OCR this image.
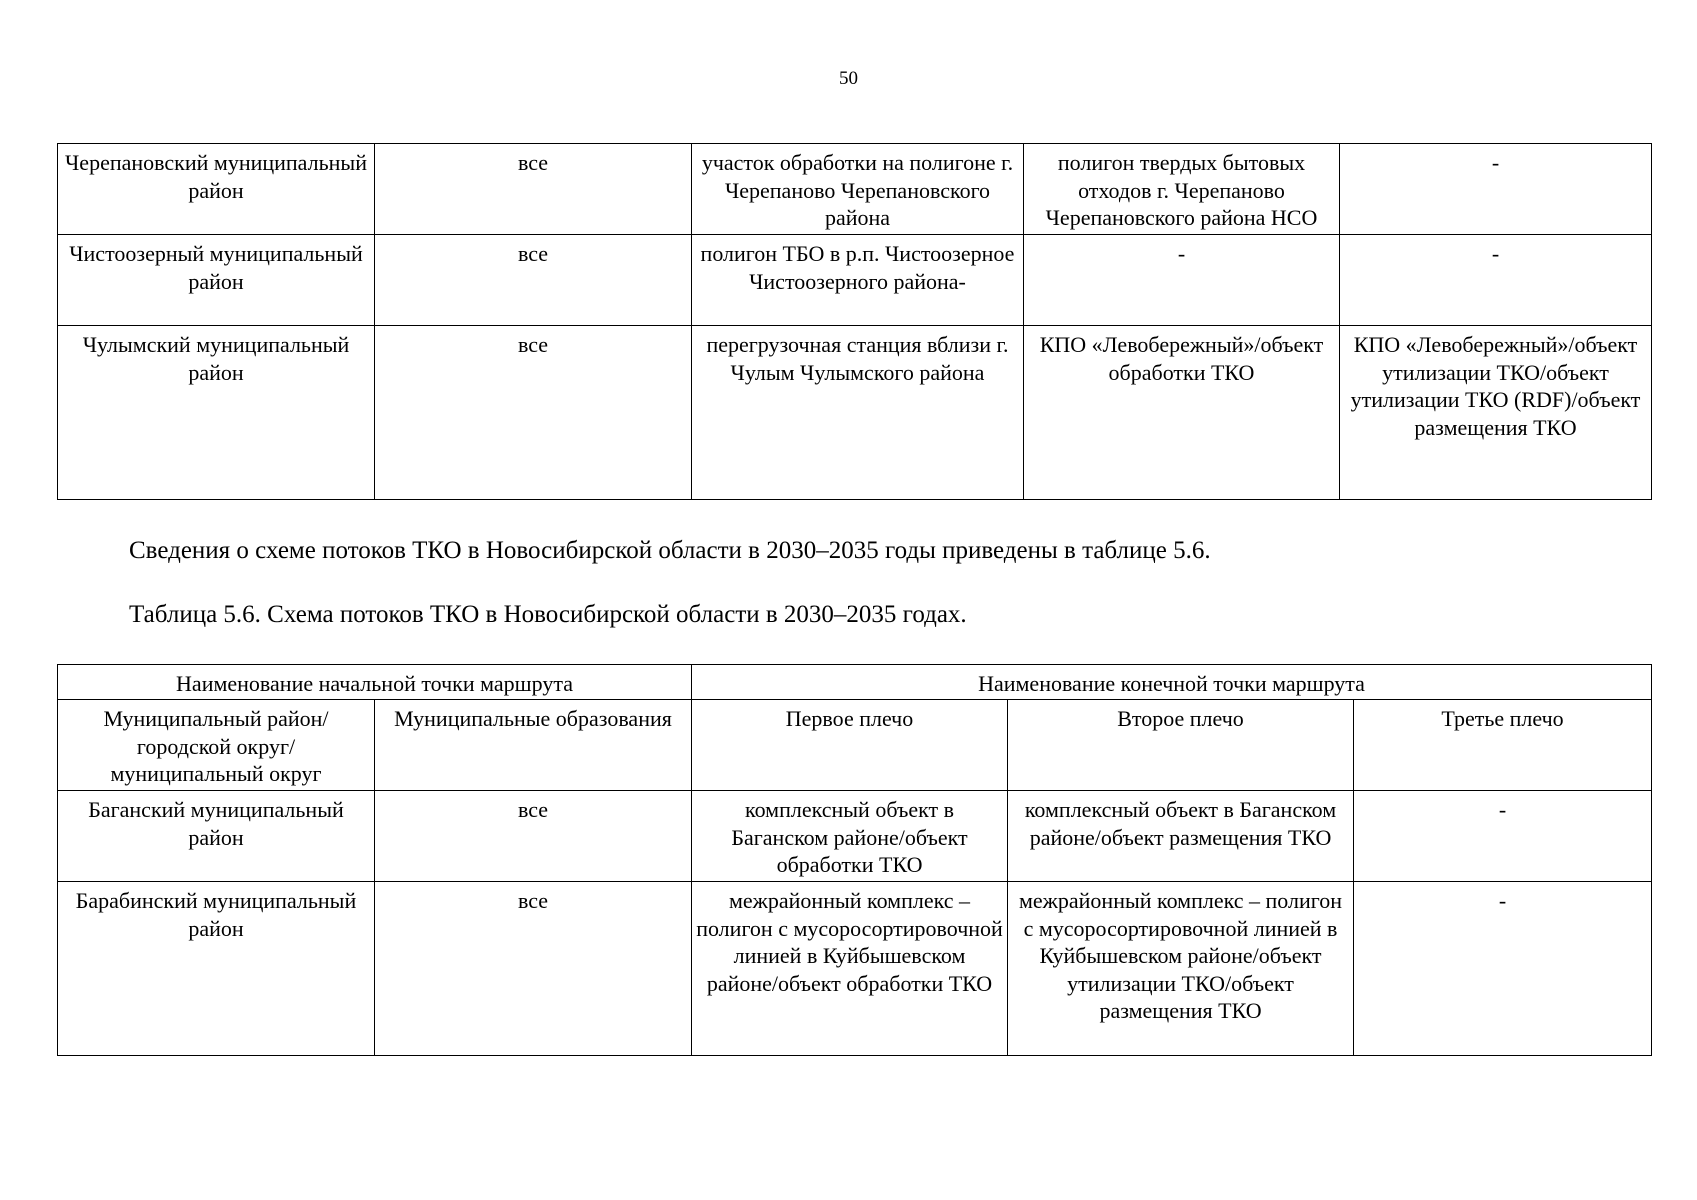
50
Черепановский муниципальный район	все	участок обработки на полигоне г. Черепаново Черепановского района	полигон твердых бытовых отходов г. Черепаново Черепановского района НСО	-
Чистоозерный муниципальный район	все	полигон ТБО в р.п. Чистоозерное Чистоозерного района-	-	-
Чулымский муниципальный район	все	перегрузочная станция вблизи г. Чулым Чулымского района	КПО «Левобережный»/объект обработки ТКО	КПО «Левобережный»/объект утилизации ТКО/объект утилизации ТКО (RDF)/объект размещения ТКО
Сведения о схеме потоков ТКО в Новосибирской области в 2030–2035 годы приведены в таблице 5.6.
Таблица 5.6. Схема потоков ТКО в Новосибирской области в 2030–2035 годах.
Наименование начальной точки маршрута		Наименование конечной точки маршрута		
Муниципальный район/городской округ/муниципальный округ	Муниципальные образования	Первое плечо	Второе плечо	Третье плечо
Баганский муниципальный район	все	комплексный объект в Баганском районе/объект обработки ТКО	комплексный объект в Баганском районе/объект размещения ТКО	-
Барабинский муниципальный район	все	межрайонный комплекс – полигон с мусоросортировочной линией в Куйбышевском районе/объект обработки ТКО	межрайонный комплекс – полигон с мусоросортировочной линией в Куйбышевском районе/объект утилизации ТКО/объект размещения ТКО	-
